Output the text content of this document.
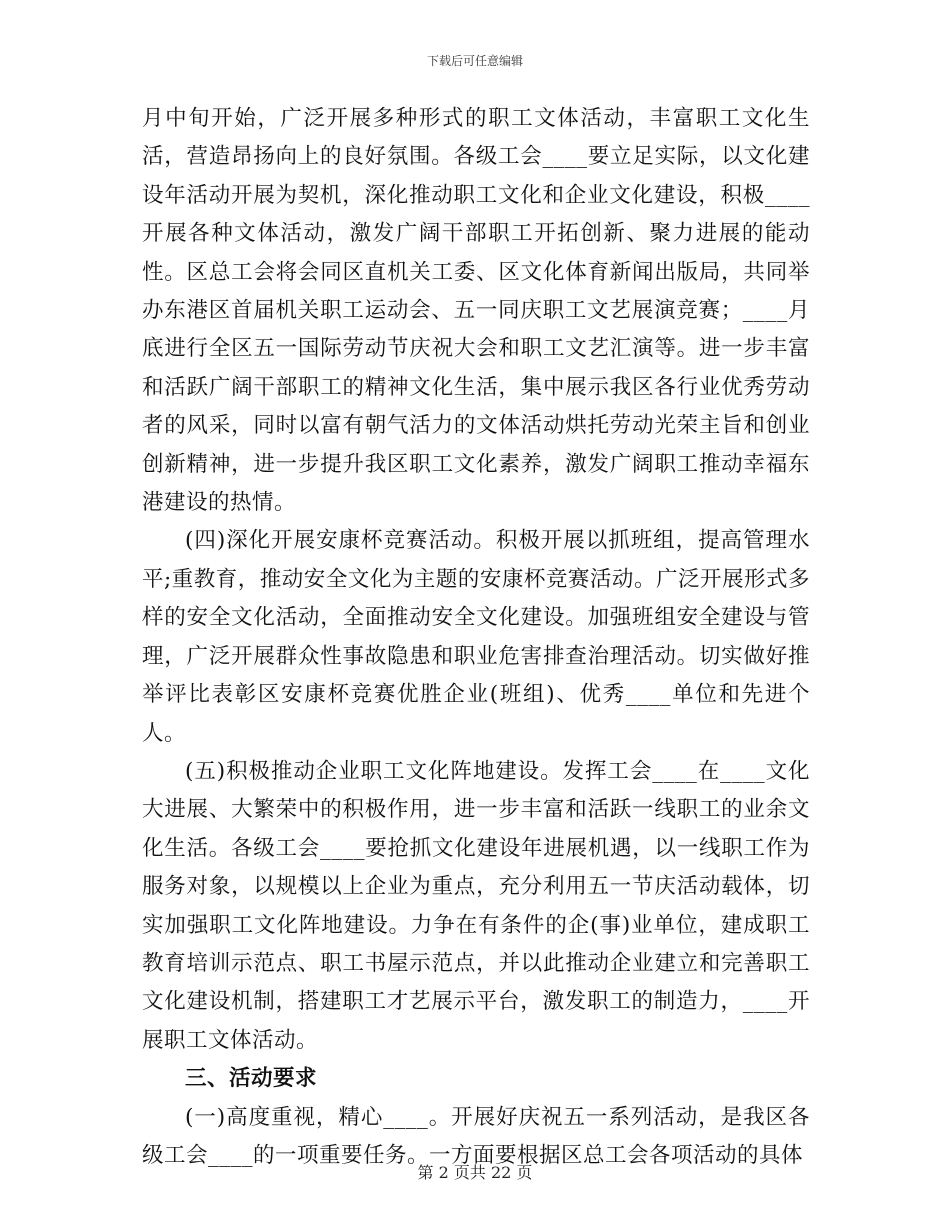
下载后可任意编辑

月中旬开始，广泛开展多种形式的职工文体活动，丰富职工文化生活，营造昂扬向上的良好氛围。各级工会____要立足实际，以文化建设年活动开展为契机，深化推动职工文化和企业文化建设，积极____开展各种文体活动，激发广阔干部职工开拓创新、聚力进展的能动性。区总工会将会同区直机关工委、区文化体育新闻出版局，共同举办东港区首届机关职工运动会、五一同庆职工文艺展演竞赛；____月底进行全区五一国际劳动节庆祝大会和职工文艺汇演等。进一步丰富和活跃广阔干部职工的精神文化生活，集中展示我区各行业优秀劳动者的风采，同时以富有朝气活力的文体活动烘托劳动光荣主旨和创业创新精神，进一步提升我区职工文化素养，激发广阔职工推动幸福东港建设的热情。

(四)深化开展安康杯竞赛活动。积极开展以抓班组，提高管理水平;重教育，推动安全文化为主题的安康杯竞赛活动。广泛开展形式多样的安全文化活动，全面推动安全文化建设。加强班组安全建设与管理，广泛开展群众性事故隐患和职业危害排查治理活动。切实做好推举评比表彰区安康杯竞赛优胜企业(班组)、优秀____单位和先进个人。

(五)积极推动企业职工文化阵地建设。发挥工会____在____文化大进展、大繁荣中的积极作用，进一步丰富和活跃一线职工的业余文化生活。各级工会____要抢抓文化建设年进展机遇，以一线职工作为服务对象，以规模以上企业为重点，充分利用五一节庆活动载体，切实加强职工文化阵地建设。力争在有条件的企(事)业单位，建成职工教育培训示范点、职工书屋示范点，并以此推动企业建立和完善职工文化建设机制，搭建职工才艺展示平台，激发职工的制造力，____开展职工文体活动。

三、活动要求

(一)高度重视，精心____。开展好庆祝五一系列活动，是我区各级工会____的一项重要任务。一方面要根据区总工会各项活动的具体

第 2 页共 22 页
